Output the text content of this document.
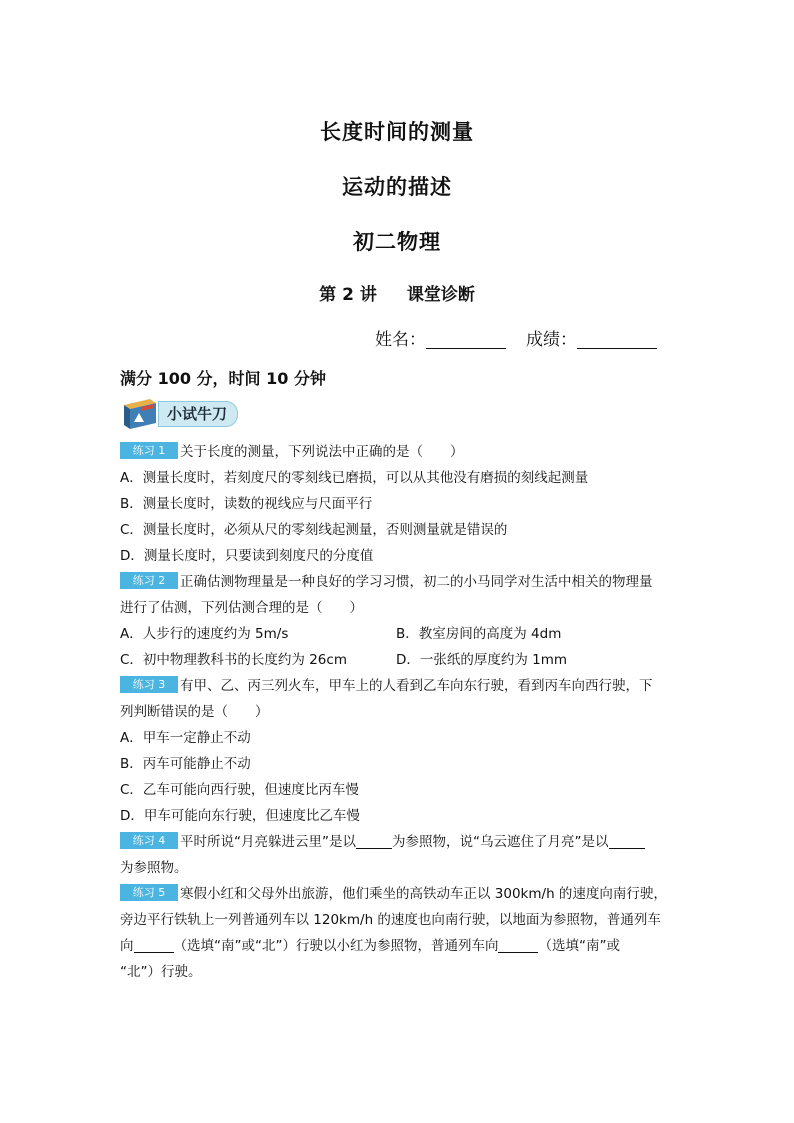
长度时间的测量
运动的描述
初二物理
第 2 讲 课堂诊断
姓名：	成绩：
满分 100 分，时间 10 分钟
小试牛刀
练习 1 关于长度的测量，下列说法中正确的是（　　）
A．测量长度时，若刻度尺的零刻线已磨损，可以从其他没有磨损的刻线起测量
B．测量长度时，读数的视线应与尺面平行
C．测量长度时，必须从尺的零刻线起测量，否则测量就是错误的
D．测量长度时，只要读到刻度尺的分度值
练习 2 正确估测物理量是一种良好的学习习惯，初二的小马同学对生活中相关的物理量
进行了估测，下列估测合理的是（　　）
A．人步行的速度约为 5m/s	B．教室房间的高度为 4dm
C．初中物理教科书的长度约为 26cm	D．一张纸的厚度约为 1mm
练习 3 有甲、乙、丙三列火车，甲车上的人看到乙车向东行驶，看到丙车向西行驶，下
列判断错误的是（　　）
A．甲车一定静止不动
B．丙车可能静止不动
C．乙车可能向西行驶，但速度比丙车慢
D．甲车可能向东行驶，但速度比乙车慢
练习 4 平时所说“月亮躲进云里”是以	为参照物，说“乌云遮住了月亮”是以
为参照物。
练习 5 寒假小红和父母外出旅游，他们乘坐的高铁动车正以 300km/h 的速度向南行驶，
旁边平行铁轨上一列普通列车以 120km/h 的速度也向南行驶，以地面为参照物，普通列车
向	（选填“南”或“北”）行驶以小红为参照物，普通列车向	（选填“南”或
“北”）行驶。
